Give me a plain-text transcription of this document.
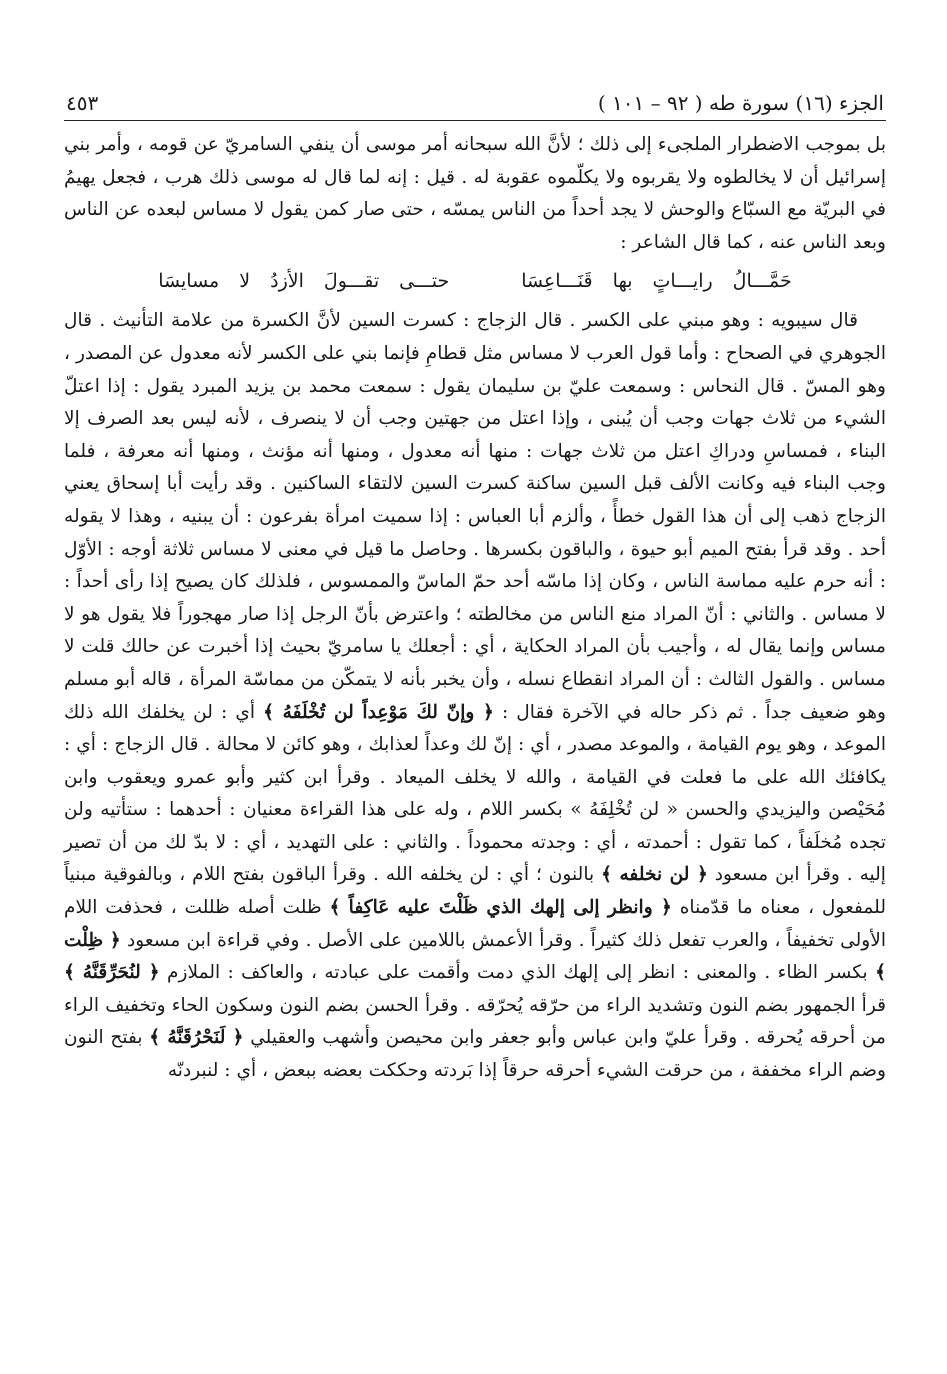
الجزء (١٦) سورة طه ( ٩٢ – ١٠١ )
٤٥٣

بل بموجب الاضطرار الملجىء إلى ذلك ؛ لأنَّ الله سبحانه أمر موسى أن ينفي السامريّ عن قومه ، وأمر بني إسرائيل أن لا يخالطوه ولا يقربوه ولا يكلّموه عقوبة له . قيل : إنه لما قال له موسى ذلك هرب ، فجعل يهيمُ في البريّة مع السبّاع والوحش لا يجد أحداً من الناس يمسّه ، حتى صار كمن يقول لا مساس لبعده عن الناس وبعد الناس عنه ، كما قال الشاعر :

حَمَّـــالُ رايـــاتٍ بها قَنَـــاعِسَا حتـــى تقـــولَ الأزدُ لا مسايسَا

قال سيبويه : وهو مبني على الكسر . قال الزجاج : كسرت السين لأنَّ الكسرة من علامة التأنيث . قال الجوهري في الصحاح : وأما قول العرب لا مساس مثل قطامِ فإنما بني على الكسر لأنه معدول عن المصدر ، وهو المسّ . قال النحاس : وسمعت عليّ بن سليمان يقول : سمعت محمد بن يزيد المبرد يقول : إذا اعتلّ الشيء من ثلاث جهات وجب أن يُبنى ، وإذا اعتل من جهتين وجب أن لا ينصرف ، لأنه ليس بعد الصرف إلا البناء ، فمساسِ ودراكِ اعتل من ثلاث جهات : منها أنه معدول ، ومنها أنه مؤنث ، ومنها أنه معرفة ، فلما وجب البناء فيه وكانت الألف قبل السين ساكنة كسرت السين لالتقاء الساكنين . وقد رأيت أبا إسحاق يعني الزجاج ذهب إلى أن هذا القول خطأً ، وألزم أبا العباس : إذا سميت امرأة بفرعون : أن يبنيه ، وهذا لا يقوله أحد . وقد قرأ بفتح الميم أبو حيوة ، والباقون بكسرها . وحاصل ما قيل في معنى لا مساس ثلاثة أوجه : الأوّل : أنه حرم عليه مماسة الناس ، وكان إذا ماسّه أحد حمّ الماسّ والممسوس ، فلذلك كان يصيح إذا رأى أحداً : لا مساس . والثاني : أنّ المراد منع الناس من مخالطته ؛ واعترض بأنّ الرجل إذا صار مهجوراً فلا يقول هو لا مساس وإنما يقال له ، وأجيب بأن المراد الحكاية ، أي : أجعلك يا سامريّ بحيث إذا أخبرت عن حالك قلت لا مساس . والقول الثالث : أن المراد انقطاع نسله ، وأن يخبر بأنه لا يتمكّن من مماسّة المرأة ، قاله أبو مسلم وهو ضعيف جداً . ثم ذكر حاله في الآخرة فقال : ﴿ وإنّ لكَ مَوْعِداً لن تُخْلَفَهُ ﴾ أي : لن يخلفك الله ذلك الموعد ، وهو يوم القيامة ، والموعد مصدر ، أي : إنّ لك وعداً لعذابك ، وهو كائن لا محالة . قال الزجاج : أي : يكافئك الله على ما فعلت في القيامة ، والله لا يخلف الميعاد . وقرأ ابن كثير وأبو عمرو ويعقوب وابن مُحَيْصن واليزيدي والحسن « لن تُخْلِفَهُ » بكسر اللام ، وله على هذا القراءة معنيان : أحدهما : ستأتيه ولن تجده مُخلَفاً ، كما تقول : أحمدته ، أي : وجدته محموداً . والثاني : على التهديد ، أي : لا بدّ لك من أن تصير إليه . وقرأ ابن مسعود ﴿ لن نخلفه ﴾ بالنون ؛ أي : لن يخلفه الله . وقرأ الباقون بفتح اللام ، وبالفوقية مبنياً للمفعول ، معناه ما قدّمناه ﴿ وانظر إلى إلهك الذي ظَلْتَ عليه عَاكِفاً ﴾ ظلت أصله ظللت ، فحذفت اللام الأولى تخفيفاً ، والعرب تفعل ذلك كثيراً . وقرأ الأعمش باللامين على الأصل . وفي قراءة ابن مسعود ﴿ ظِلْت ﴾ بكسر الظاء . والمعنى : انظر إلى إلهك الذي دمت وأقمت على عبادته ، والعاكف : الملازم ﴿ لنُحَرِّقَنَّهُ ﴾ قرأ الجمهور بضم النون وتشديد الراء من حرّقه يُحرّقه . وقرأ الحسن بضم النون وسكون الحاء وتخفيف الراء من أحرقه يُحرقه . وقرأ عليّ وابن عباس وأبو جعفر وابن محيصن وأشهب والعقيلي ﴿ لَنَحْرُقَنَّهُ ﴾ بفتح النون وضم الراء مخففة ، من حرقت الشيء أحرقه حرقاً إذا بَردته وحككت بعضه ببعض ، أي : لنبردنّه
